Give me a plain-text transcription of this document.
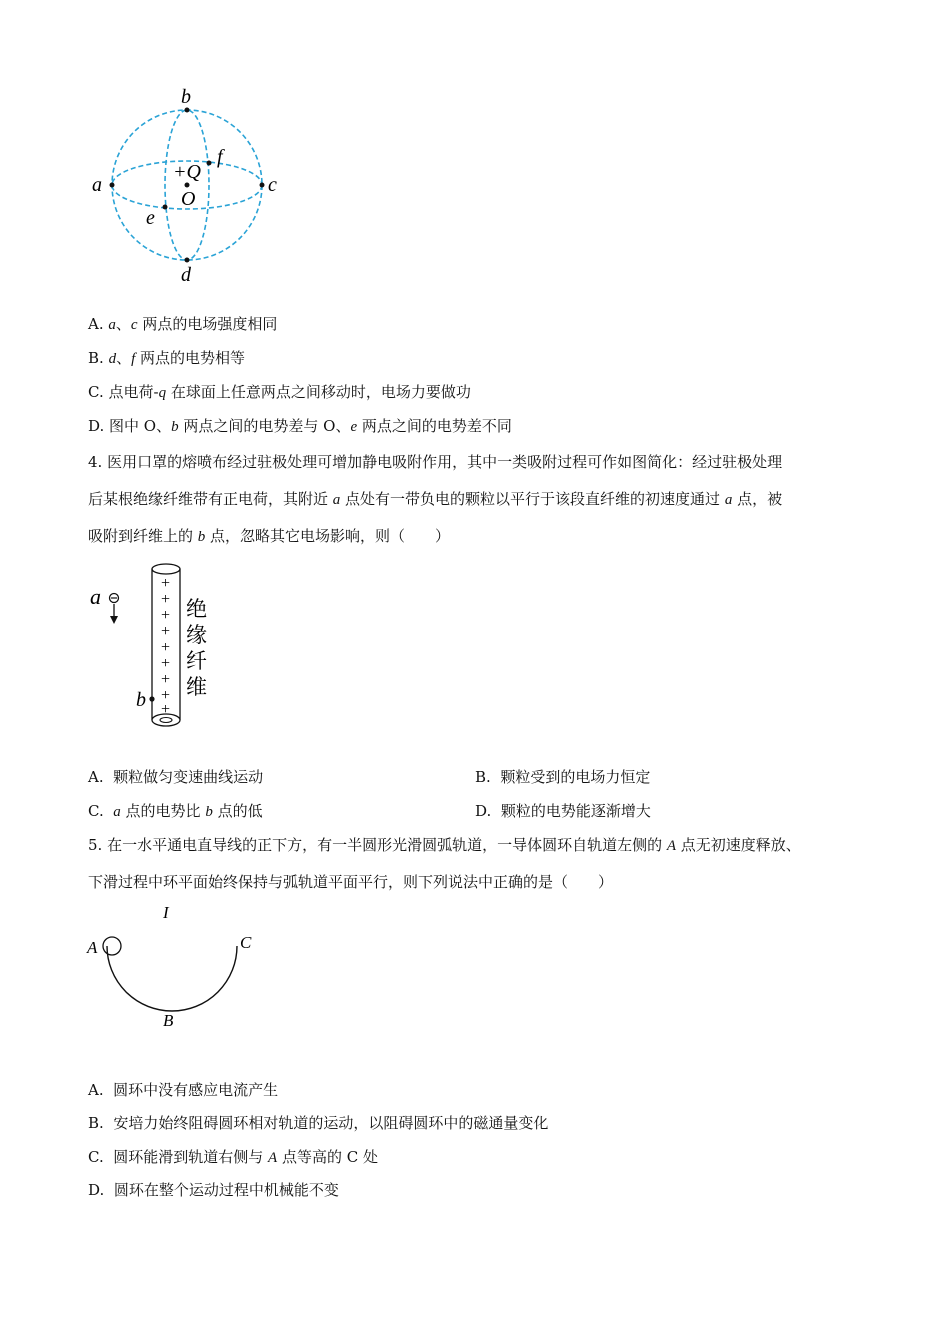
b
a	c
d
e
f
+Q
O
A. a、c 两点的电场强度相同
B. d、f 两点的电势相等
C. 点电荷-q 在球面上任意两点之间移动时，电场力要做功
D. 图中 O、b 两点之间的电势差与 O、e 两点之间的电势差不同
4. 医用口罩的熔喷布经过驻极处理可增加静电吸附作用，其中一类吸附过程可作如图简化：经过驻极处理
后某根绝缘纤维带有正电荷，其附近 a 点处有一带负电的颗粒以平行于该段直纤维的初速度通过 a 点，被
吸附到纤维上的 b 点，忽略其它电场影响，则（　　）
a
+
+
+
+
+
+
+
+
+
b
绝
缘
纤
维
A. 颗粒做匀变速曲线运动	B. 颗粒受到的电场力恒定
C. a 点的电势比 b 点的低	D. 颗粒的电势能逐渐增大
5. 在一水平通电直导线的正下方，有一半圆形光滑圆弧轨道，一导体圆环自轨道左侧的 A 点无初速度释放、
下滑过程中环平面始终保持与弧轨道平面平行，则下列说法中正确的是（　　）
I
A	C
B
A. 圆环中没有感应电流产生
B. 安培力始终阻碍圆环相对轨道的运动，以阻碍圆环中的磁通量变化
C. 圆环能滑到轨道右侧与 A 点等高的 C 处
D. 圆环在整个运动过程中机械能不变
